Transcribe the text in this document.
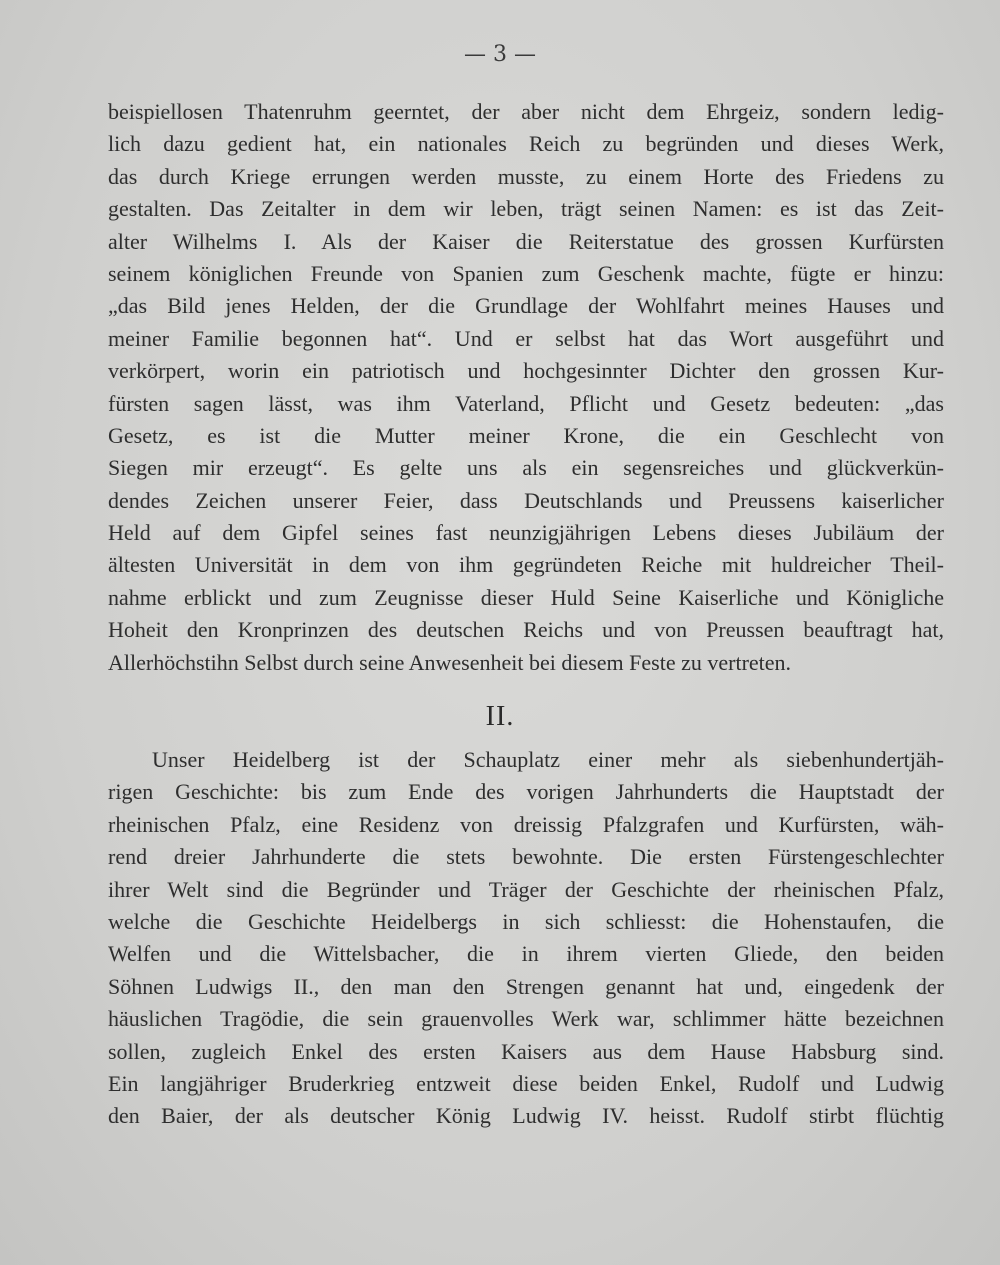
— 3 —
beispiellosen Thatenruhm geerntet, der aber nicht dem Ehrgeiz, sondern ledig-
lich dazu gedient hat, ein nationales Reich zu begründen und dieses Werk,
das durch Kriege errungen werden musste, zu einem Horte des Friedens zu
gestalten. Das Zeitalter in dem wir leben, trägt seinen Namen: es ist das Zeit-
alter Wilhelms I. Als der Kaiser die Reiterstatue des grossen Kurfürsten
seinem königlichen Freunde von Spanien zum Geschenk machte, fügte er hinzu:
„das Bild jenes Helden, der die Grundlage der Wohlfahrt meines Hauses und
meiner Familie begonnen hat“. Und er selbst hat das Wort ausgeführt und
verkörpert, worin ein patriotisch und hochgesinnter Dichter den grossen Kur-
fürsten sagen lässt, was ihm Vaterland, Pflicht und Gesetz bedeuten: „das
Gesetz, es ist die Mutter meiner Krone, die ein Geschlecht von
Siegen mir erzeugt“. Es gelte uns als ein segensreiches und glückverkün-
dendes Zeichen unserer Feier, dass Deutschlands und Preussens kaiserlicher
Held auf dem Gipfel seines fast neunzigjährigen Lebens dieses Jubiläum der
ältesten Universität in dem von ihm gegründeten Reiche mit huldreicher Theil-
nahme erblickt und zum Zeugnisse dieser Huld Seine Kaiserliche und Königliche
Hoheit den Kronprinzen des deutschen Reichs und von Preussen beauftragt hat,
Allerhöchstihn Selbst durch seine Anwesenheit bei diesem Feste zu vertreten.
II.
Unser Heidelberg ist der Schauplatz einer mehr als siebenhundertjäh-
rigen Geschichte: bis zum Ende des vorigen Jahrhunderts die Hauptstadt der
rheinischen Pfalz, eine Residenz von dreissig Pfalzgrafen und Kurfürsten, wäh-
rend dreier Jahrhunderte die stets bewohnte. Die ersten Fürstengeschlechter
ihrer Welt sind die Begründer und Träger der Geschichte der rheinischen Pfalz,
welche die Geschichte Heidelbergs in sich schliesst: die Hohenstaufen, die
Welfen und die Wittelsbacher, die in ihrem vierten Gliede, den beiden
Söhnen Ludwigs II., den man den Strengen genannt hat und, eingedenk der
häuslichen Tragödie, die sein grauenvolles Werk war, schlimmer hätte bezeichnen
sollen, zugleich Enkel des ersten Kaisers aus dem Hause Habsburg sind.
Ein langjähriger Bruderkrieg entzweit diese beiden Enkel, Rudolf und Ludwig
den Baier, der als deutscher König Ludwig IV. heisst. Rudolf stirbt flüchtig
